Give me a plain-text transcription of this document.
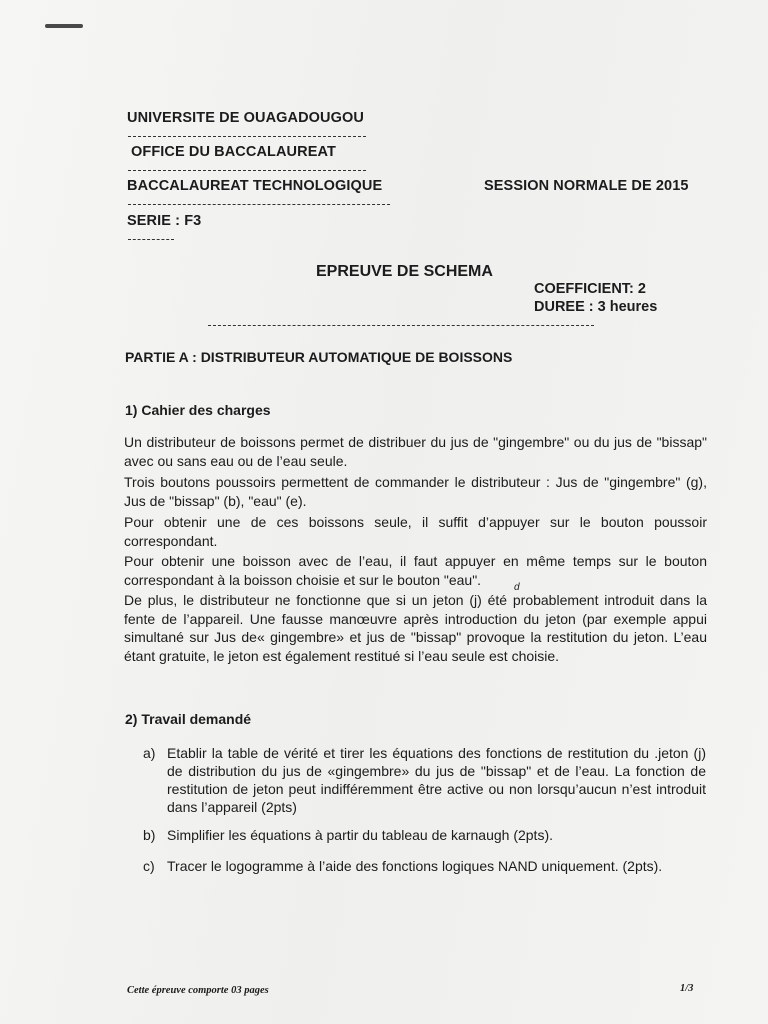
UNIVERSITE DE OUAGADOUGOU
OFFICE DU BACCALAUREAT
BACCALAUREAT TECHNOLOGIQUE	SESSION NORMALE DE 2015
SERIE : F3
EPREUVE DE SCHEMA
COEFFICIENT: 2
DUREE : 3 heures
PARTIE A : DISTRIBUTEUR AUTOMATIQUE DE BOISSONS
1) Cahier des charges
Un distributeur de boissons permet de distribuer du jus de "gingembre" ou du jus de "bissap" avec ou sans eau ou de l’eau seule.
Trois boutons poussoirs permettent de commander le distributeur : Jus de "gingembre" (g), Jus de "bissap" (b), "eau" (e).
Pour obtenir une de ces boissons seule, il suffit d’appuyer sur le bouton poussoir correspondant.
Pour obtenir une boisson avec de l’eau, il faut appuyer en même temps sur le bouton correspondant à la boisson choisie et sur le bouton "eau".
De plus, le distributeur ne fonctionne que si un jeton (j) été probablement introduit dans la fente de l’appareil. Une fausse manœuvre après introduction du jeton (par exemple appui simultané sur Jus de« gingembre» et jus de "bissap" provoque la restitution du jeton. L’eau étant gratuite, le jeton est également restitué si l’eau seule est choisie.
d
2) Travail demandé
a) Etablir la table de vérité et tirer les équations des fonctions de restitution du .jeton (j) de distribution du jus de «gingembre» du jus de "bissap" et de l’eau. La fonction de restitution de jeton peut indifféremment être active ou non lorsqu’aucun n’est introduit dans l’appareil (2pts)
b) Simplifier les équations à partir du tableau de karnaugh (2pts).
c) Tracer le logogramme à l’aide des fonctions logiques NAND uniquement. (2pts).
Cette épreuve comporte 03 pages	1/3
